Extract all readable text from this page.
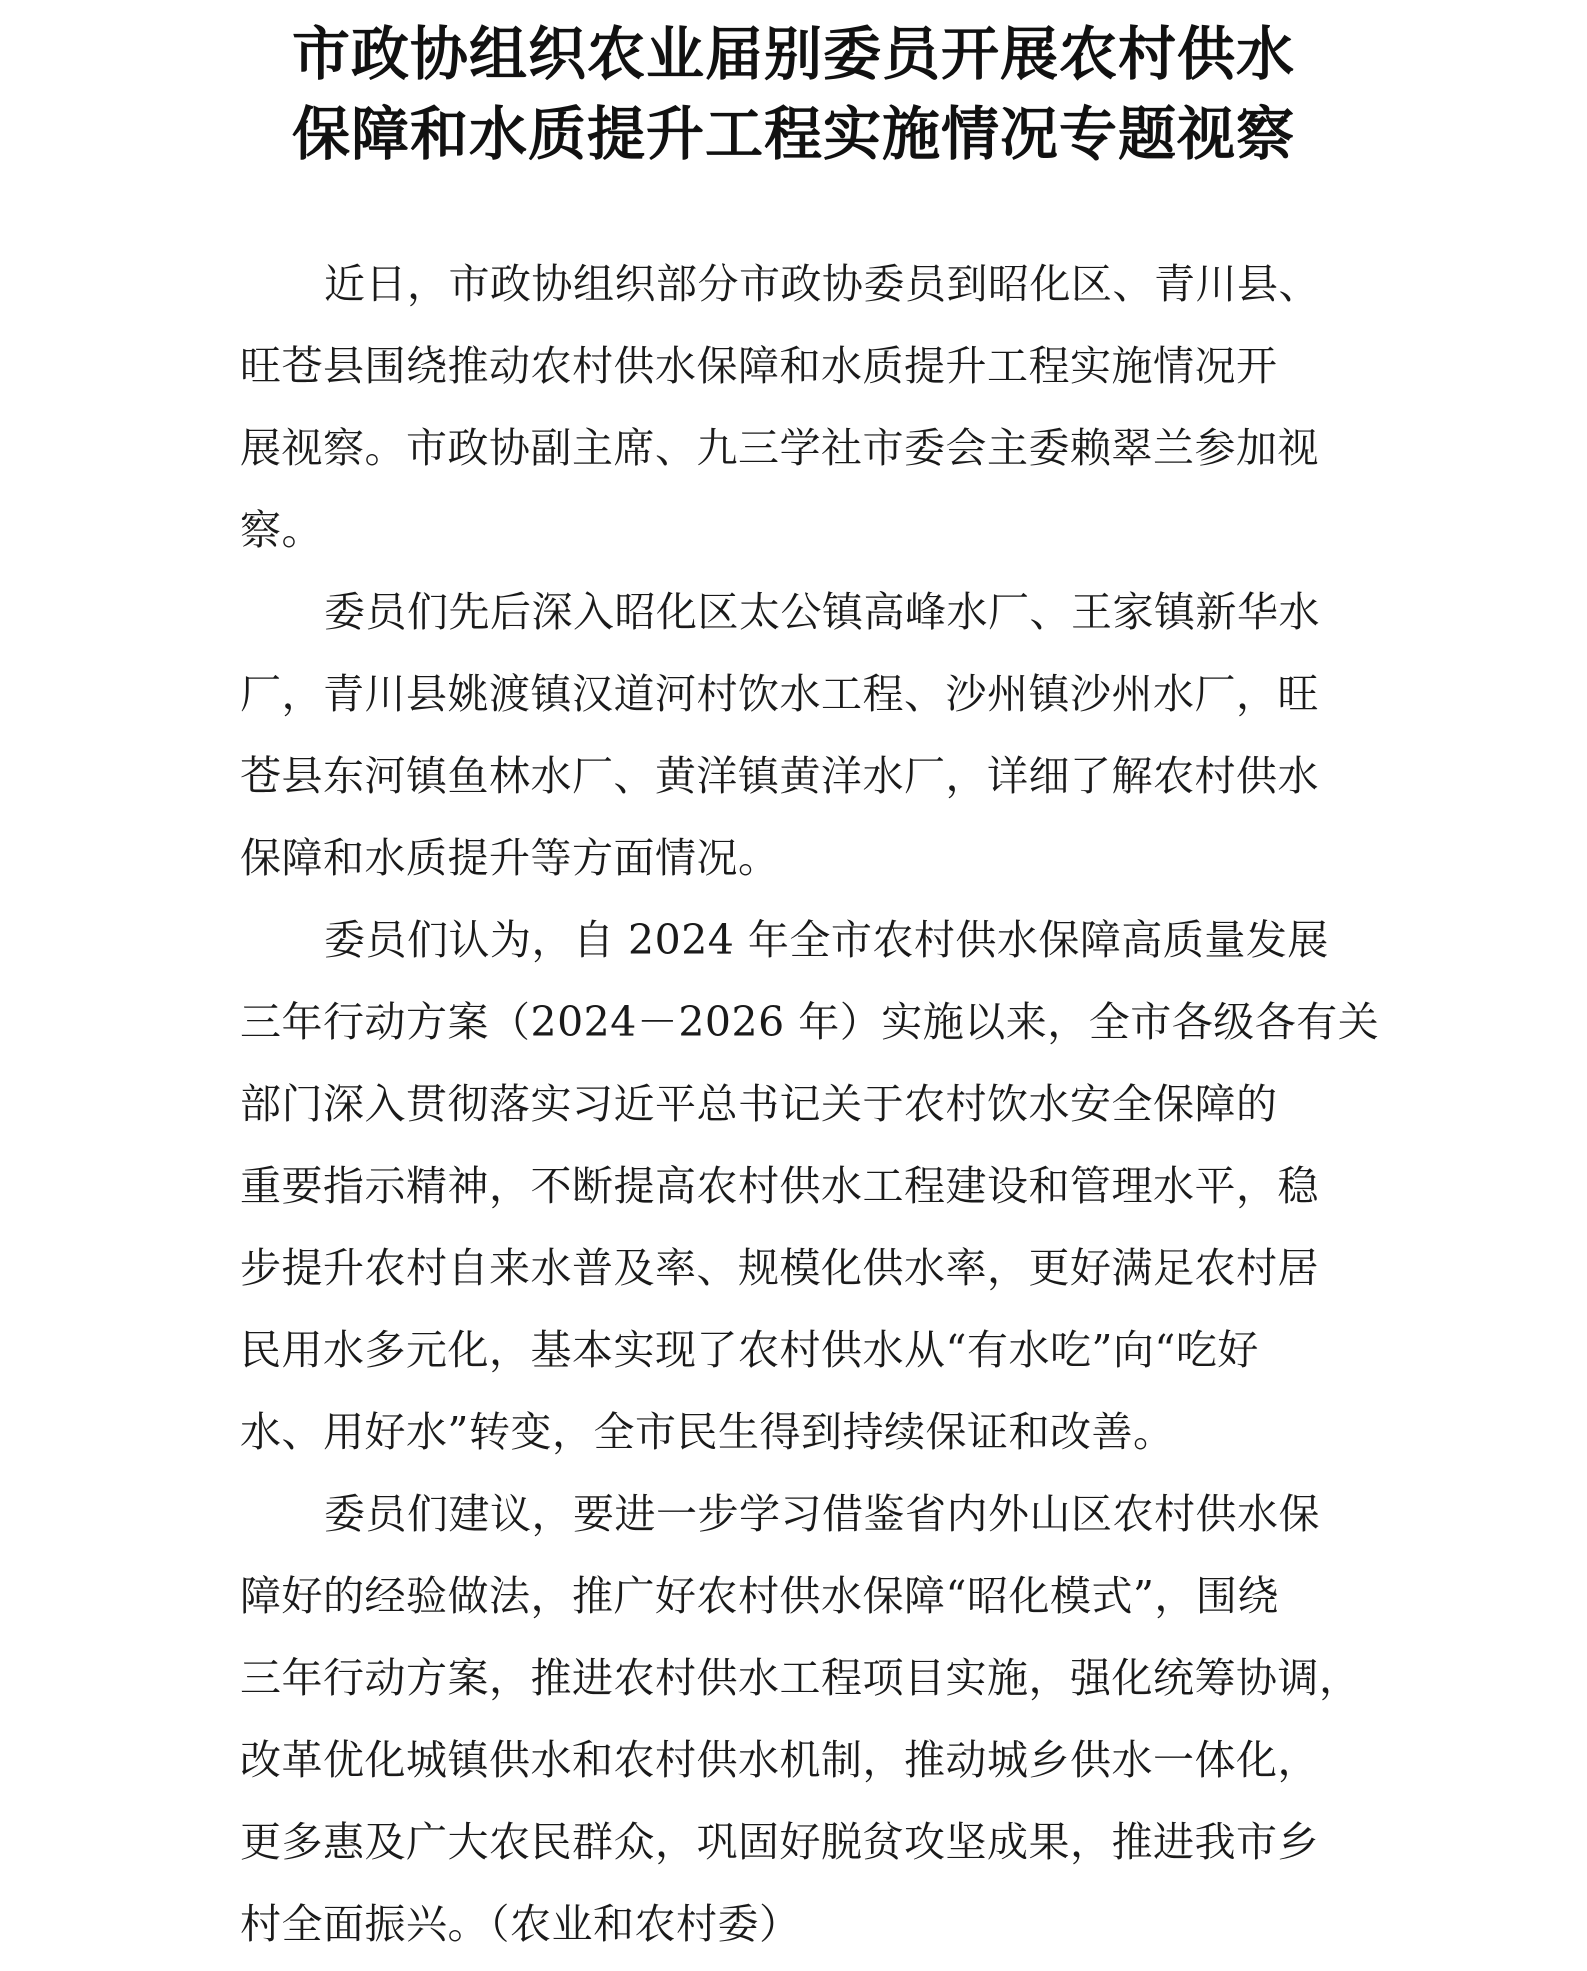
市政协组织农业届别委员开展农村供水
保障和水质提升工程实施情况专题视察
近日，市政协组织部分市政协委员到昭化区、青川县、
旺苍县围绕推动农村供水保障和水质提升工程实施情况开
展视察。市政协副主席、九三学社市委会主委赖翠兰参加视
察。
委员们先后深入昭化区太公镇高峰水厂、王家镇新华水
厂，青川县姚渡镇汉道河村饮水工程、沙州镇沙州水厂，旺
苍县东河镇鱼林水厂、黄洋镇黄洋水厂，详细了解农村供水
保障和水质提升等方面情况。
委员们认为，自 2024 年全市农村供水保障高质量发展
三年行动方案（2024－2026 年）实施以来，全市各级各有关
部门深入贯彻落实习近平总书记关于农村饮水安全保障的
重要指示精神，不断提高农村供水工程建设和管理水平，稳
步提升农村自来水普及率、规模化供水率，更好满足农村居
民用水多元化，基本实现了农村供水从“有水吃”向“吃好
水、用好水”转变，全市民生得到持续保证和改善。
委员们建议，要进一步学习借鉴省内外山区农村供水保
障好的经验做法，推广好农村供水保障“昭化模式”，围绕
三年行动方案，推进农村供水工程项目实施，强化统筹协调，
改革优化城镇供水和农村供水机制，推动城乡供水一体化，
更多惠及广大农民群众，巩固好脱贫攻坚成果，推进我市乡
村全面振兴。（农业和农村委）
